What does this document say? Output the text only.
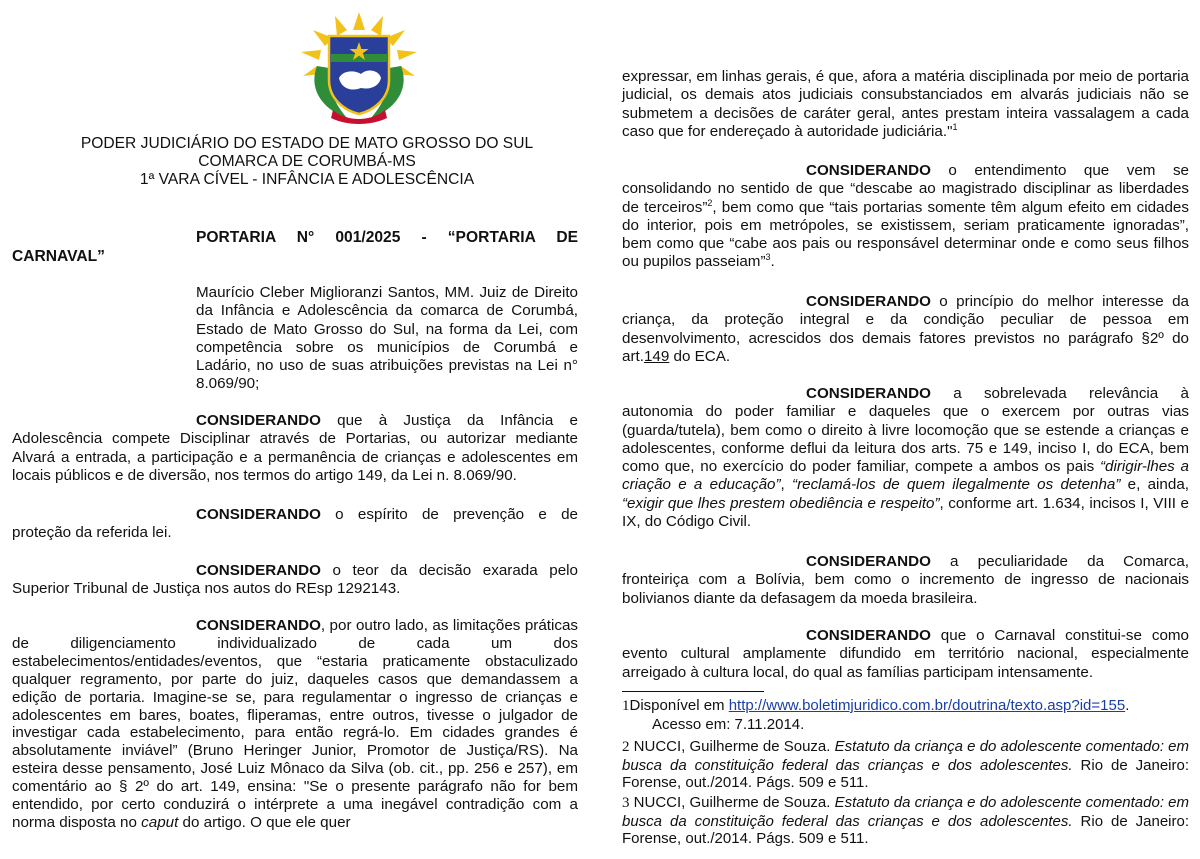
PODER JUDICIÁRIO DO ESTADO DE MATO GROSSO DO SUL
COMARCA DE CORUMBÁ-MS
1ª VARA CÍVEL - INFÂNCIA E ADOLESCÊNCIA
PORTARIA N° 001/2025 - “PORTARIA DE CARNAVAL”
Maurício Cleber Miglioranzi Santos, MM. Juiz de Direito da Infância e Adolescência da comarca de Corumbá, Estado de Mato Grosso do Sul, na forma da Lei, com competência sobre os municípios de Corumbá e Ladário, no uso de suas atribuições previstas na Lei n° 8.069/90;
CONSIDERANDO que à Justiça da Infância e Adolescência compete Disciplinar através de Portarias, ou autorizar mediante Alvará a entrada, a participação e a permanência de crianças e adolescentes em locais públicos e de diversão, nos termos do artigo 149, da Lei n. 8.069/90.
CONSIDERANDO o espírito de prevenção e de proteção da referida lei.
CONSIDERANDO o teor da decisão exarada pelo Superior Tribunal de Justiça nos autos do REsp 1292143.
CONSIDERANDO, por outro lado, as limitações práticas de diligenciamento individualizado de cada um dos estabelecimentos/entidades/eventos, que “estaria praticamente obstaculizado qualquer regramento, por parte do juiz, daqueles casos que demandassem a edição de portaria. Imagine-se se, para regulamentar o ingresso de crianças e adolescentes em bares, boates, fliperamas, entre outros, tivesse o julgador de investigar cada estabelecimento, para então regrá-lo. Em cidades grandes é absolutamente inviável” (Bruno Heringer Junior, Promotor de Justiça/RS). Na esteira desse pensamento, José Luiz Mônaco da Silva (ob. cit., pp. 256 e 257), em comentário ao § 2º do art. 149, ensina: "Se o presente parágrafo não for bem entendido, por certo conduzirá o intérprete a uma inegável contradição com a norma disposta no caput do artigo. O que ele quer
expressar, em linhas gerais, é que, afora a matéria disciplinada por meio de portaria judicial, os demais atos judiciais consubstanciados em alvarás judiciais não se submetem a decisões de caráter geral, antes prestam inteira vassalagem a cada caso que for endereçado à autoridade judiciária."$^1$
CONSIDERANDO o entendimento que vem se consolidando no sentido de que “descabe ao magistrado disciplinar as liberdades de terceiros”$^2$, bem como que “tais portarias somente têm algum efeito em cidades do interior, pois em metrópoles, se existissem, seriam praticamente ignoradas”, bem como que “cabe aos pais ou responsável determinar onde e como seus filhos ou pupilos passeiam”$^3$.
CONSIDERANDO o princípio do melhor interesse da criança, da proteção integral e da condição peculiar de pessoa em desenvolvimento, acrescidos dos demais fatores previstos no parágrafo §2º do art.149 do ECA.
CONSIDERANDO a sobrelevada relevância à autonomia do poder familiar e daqueles que o exercem por outras vias (guarda/tutela), bem como o direito à livre locomoção que se estende a crianças e adolescentes, conforme deflui da leitura dos arts. 75 e 149, inciso I, do ECA, bem como que, no exercício do poder familiar, compete a ambos os pais “dirigir-lhes a criação e a educação”, “reclamá-los de quem ilegalmente os detenha” e, ainda, “exigir que lhes prestem obediência e respeito”, conforme art. 1.634, incisos I, VIII e IX, do Código Civil.
CONSIDERANDO a peculiaridade da Comarca, fronteiriça com a Bolívia, bem como o incremento de ingresso de nacionais bolivianos diante da defasagem da moeda brasileira.
CONSIDERANDO que o Carnaval constitui-se como evento cultural amplamente difundido em território nacional, especialmente arreigado à cultura local, do qual as famílias participam intensamente.
1Disponível em http://www.boletimjuridico.com.br/doutrina/texto.asp?id=155.
Acesso em: 7.11.2014.
2 NUCCI, Guilherme de Souza. Estatuto da criança e do adolescente comentado: em busca da constituição federal das crianças e dos adolescentes. Rio de Janeiro: Forense, out./2014. Págs. 509 e 511.
3 NUCCI, Guilherme de Souza. Estatuto da criança e do adolescente comentado: em busca da constituição federal das crianças e dos adolescentes. Rio de Janeiro: Forense, out./2014. Págs. 509 e 511.
